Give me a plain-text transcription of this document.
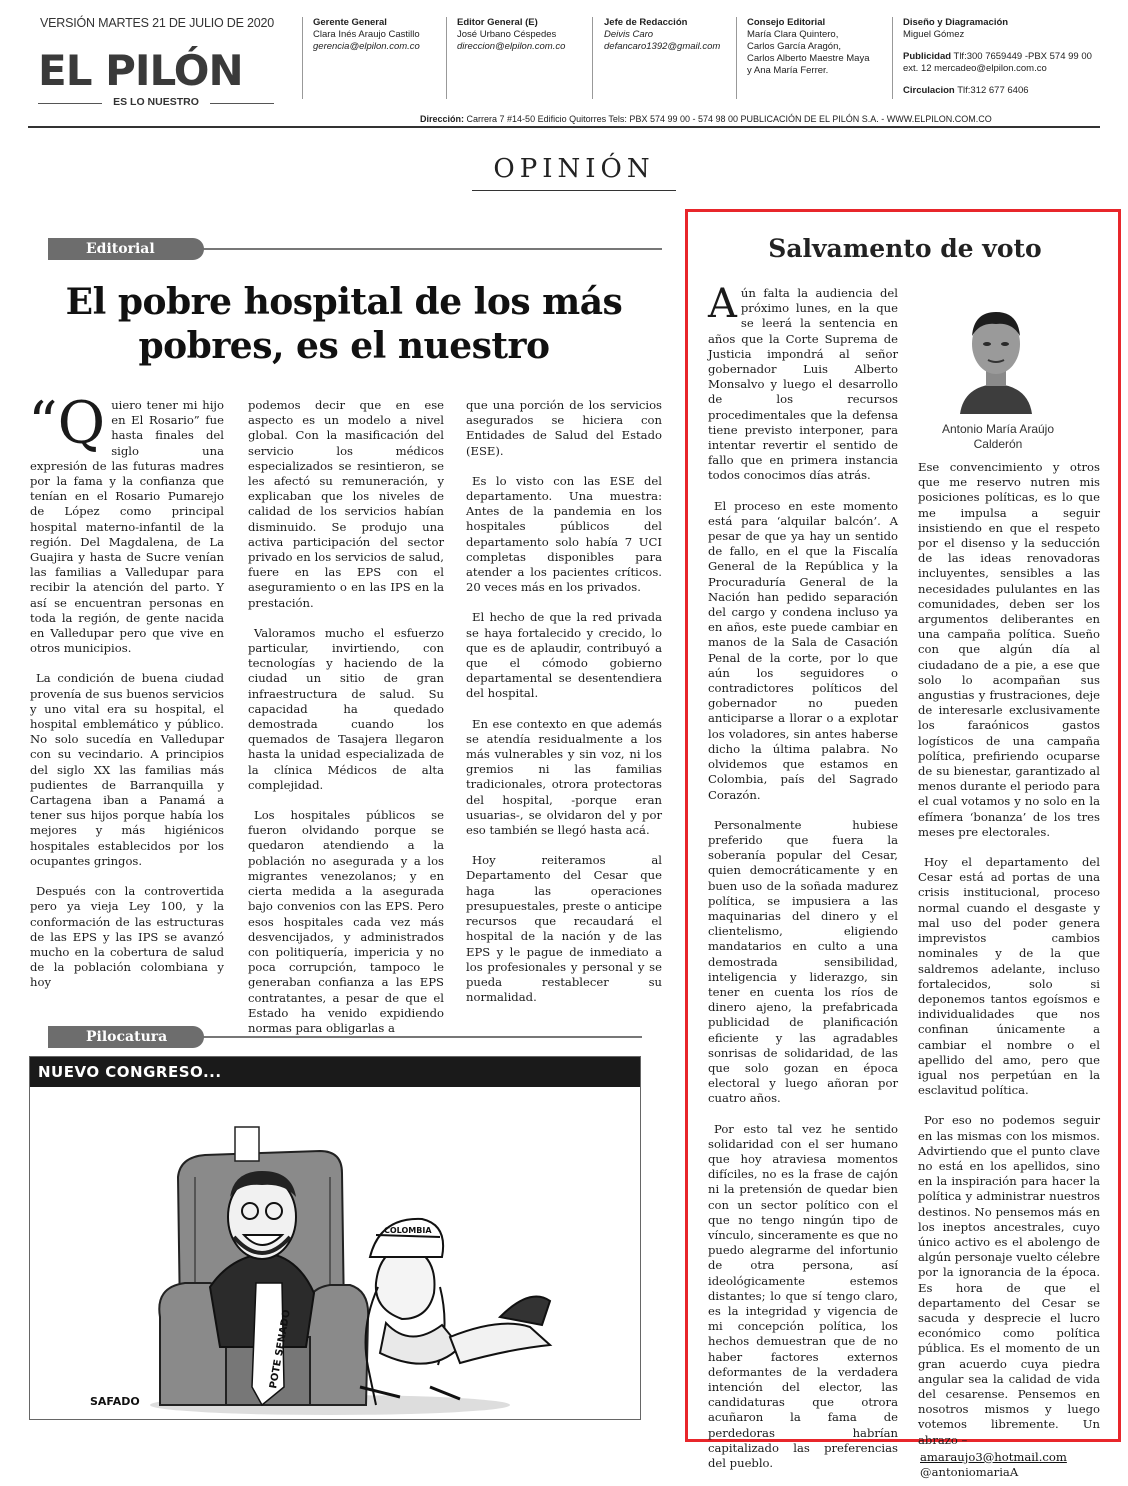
VERSIÓN MARTES 21 DE JULIO DE 2020
EL PILÓN
ES LO NUESTRO
Gerente General
Clara Inés Araujo Castillo
gerencia@elpilon.com.co
Editor General (E)
José Urbano Céspedes
direccion@elpilon.com.co
Jefe de Redacción
Deivis Caro
defancaro1392@gmail.com
Consejo Editorial
María Clara Quintero,
Carlos García Aragón,
Carlos Alberto Maestre Maya
y Ana María Ferrer.
Diseño y Diagramación
Miguel Gómez
Publicidad Tlf:300 7659449 -PBX 574 99 00
ext. 12 mercadeo@elpilon.com.co
Circulacion Tlf:312 677 6406
Dirección: Carrera 7 #14-50 Edificio Quitorres Tels: PBX 574 99 00 - 574 98 00 PUBLICACIÓN DE EL PILÓN S.A. - WWW.ELPILON.COM.CO
OPINIÓN
Editorial
El pobre hospital de los más pobres, es el nuestro

“Quiero tener mi hijo en El Rosario” fue hasta finales del siglo una expresión de las futuras madres por la fama y la confianza que tenían en el Rosario Pumarejo de López como principal hospital materno-infantil de la región. Del Magdalena, de La Guajira y hasta de Sucre venían las familias a Valledupar para recibir la atención del parto. Y así se encuentran personas en toda la región, de gente nacida en Valledupar pero que vive en otros municipios.

La condición de buena ciudad provenía de sus buenos servicios y uno vital era su hospital, el hospital emblemático y público. No solo sucedía en Valledupar con su vecindario. A principios del siglo XX las familias más pudientes de Barranquilla y Cartagena iban a Panamá a tener sus hijos porque había los mejores y más higiénicos hospitales establecidos por los ocupantes gringos.

Después con la controvertida pero ya vieja Ley 100, y la conformación de las estructuras de las EPS y las IPS se avanzó mucho en la cobertura de salud de la población colombiana y hoy

podemos decir que en ese aspecto es un modelo a nivel global. Con la masificación del servicio los médicos especializados se resintieron, se les afectó su remuneración, y explicaban que los niveles de calidad de los servicios habían disminuido. Se produjo una activa participación del sector privado en los servicios de salud, fuere en las EPS con el aseguramiento o en las IPS en la prestación.

Valoramos mucho el esfuerzo particular, invirtiendo, con tecnologías y haciendo de la ciudad un sitio de gran infraestructura de salud. Su capacidad ha quedado demostrada cuando los quemados de Tasajera llegaron hasta la unidad especializada de la clínica Médicos de alta complejidad.

Los hospitales públicos se fueron olvidando porque se quedaron atendiendo a la población no asegurada y a los migrantes venezolanos; y en cierta medida a la asegurada bajo convenios con las EPS. Pero esos hospitales cada vez más desvencijados, y administrados con politiquería, impericia y no poca corrupción, tampoco le generaban confianza a las EPS contratantes, a pesar de que el Estado ha venido expidiendo normas para obligarlas a

que una porción de los servicios asegurados se hiciera con Entidades de Salud del Estado (ESE).

Es lo visto con las ESE del departamento. Una muestra: Antes de la pandemia en los hospitales públicos del departamento solo había 7 UCI completas disponibles para atender a los pacientes críticos. 20 veces más en los privados.

El hecho de que la red privada se haya fortalecido y crecido, lo que es de aplaudir, contribuyó a que el cómodo gobierno departamental se desentendiera del hospital.

En ese contexto en que además se atendía residualmente a los más vulnerables y sin voz, ni los gremios ni las familias tradicionales, otrora protectoras del hospital, -porque eran usuarias-, se olvidaron del y por eso también se llegó hasta acá.

Hoy reiteramos al Departamento del Cesar que haga las operaciones presupuestales, preste o anticipe recursos que recaudará el hospital de la nación y de las EPS y le pague de inmediato a los profesionales y personal y se pueda restablecer su normalidad.

Pilocatura
NUEVO CONGRESO...
POTE SENADO
COLOMBIA
SAFADO
Salvamento de voto

Aún falta la audiencia del próximo lunes, en la que se leerá la sentencia en años que la Corte Suprema de Justicia impondrá al señor gobernador Luis Alberto Monsalvo y luego el desarrollo de los recursos procedimentales que la defensa tiene previsto interponer, para intentar revertir el sentido de fallo que en primera instancia todos conocimos días atrás.

El proceso en este momento está para ‘alquilar balcón’. A pesar de que ya hay un sentido de fallo, en el que la Fiscalía General de la República y la Procuraduría General de la Nación han pedido separación del cargo y condena incluso ya en años, este puede cambiar en manos de la Sala de Casación Penal de la corte, por lo que aún los seguidores o contradictores políticos del gobernador no pueden anticiparse a llorar o a explotar los voladores, sin antes haberse dicho la última palabra. No olvidemos que estamos en Colombia, país del Sagrado Corazón.

Personalmente hubiese preferido que fuera la soberanía popular del Cesar, quien democráticamente y en buen uso de la soñada madurez política, se impusiera a las maquinarias del dinero y el clientelismo, eligiendo mandatarios en culto a una demostrada sensibilidad, inteligencia y liderazgo, sin tener en cuenta los ríos de dinero ajeno, la prefabricada publicidad de planificación eficiente y las agradables sonrisas de solidaridad, de las que solo gozan en época electoral y luego añoran por cuatro años.

Por esto tal vez he sentido solidaridad con el ser humano que hoy atraviesa momentos difíciles, no es la frase de cajón ni la pretensión de quedar bien con un sector político con el que no tengo ningún tipo de vínculo, sinceramente es que no puedo alegrarme del infortunio de otra persona, así ideológicamente estemos distantes; lo que sí tengo claro, es la integridad y vigencia de mi concepción política, los hechos demuestran que de no haber factores externos deformantes de la verdadera intención del elector, las candidaturas que otrora acuñaron la fama de perdedoras habrían capitalizado las preferencias del pueblo.

Antonio María Araújo Calderón

Ese convencimiento y otros que me reservo nutren mis posiciones políticas, es lo que me impulsa a seguir insistiendo en que el respeto por el disenso y la seducción de las ideas renovadoras incluyentes, sensibles a las necesidades pululantes en las comunidades, deben ser los argumentos deliberantes en una campaña política. Sueño con que algún día al ciudadano de a pie, a ese que solo lo acompañan sus angustias y frustraciones, deje de interesarle exclusivamente los faraónicos gastos logísticos de una campaña política, prefiriendo ocuparse de su bienestar, garantizado al menos durante el periodo para el cual votamos y no solo en la efímera ‘bonanza’ de los tres meses pre electorales.

Hoy el departamento del Cesar está ad portas de una crisis institucional, proceso normal cuando el desgaste y mal uso del poder genera imprevistos cambios nominales y de la que saldremos adelante, incluso fortalecidos, solo si deponemos tantos egoísmos e individualidades que nos confinan únicamente a cambiar el nombre o el apellido del amo, pero que igual nos perpetúan en la esclavitud política.

Por eso no podemos seguir en las mismas con los mismos. Advirtiendo que el punto clave no está en los apellidos, sino en la inspiración para hacer la política y administrar nuestros destinos. No pensemos más en los ineptos ancestrales, cuyo único activo es el abolengo de algún personaje vuelto célebre por la ignorancia de la época. Es hora de que el departamento del Cesar se sacuda y desprecie el lucro económico como política pública. Es el momento de un gran acuerdo cuya piedra angular sea la calidad de vida del cesarense. Pensemos en nosotros mismos y luego votemos libremente. Un abrazo –

amaraujo3@hotmail.com
@antoniomariaA
